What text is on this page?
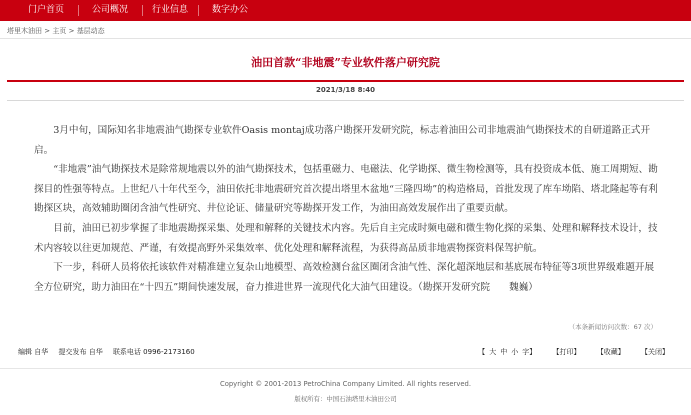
门户首页	公司概况	行业信息	数字办公
塔里木油田 > 主页 > 基层动态
油田首款“非地震”专业软件落户研究院
2021/3/18 8:40

3月中旬，国际知名非地震油气勘探专业软件Oasis montaj成功落户勘探开发研究院，标志着油田公司非地震油气勘探技术的自研道路正式开启。

“非地震”油气勘探技术是除常规地震以外的油气勘探技术，包括重磁力、电磁法、化学勘探、微生物检测等，具有投资成本低、施工周期短、勘探目的性强等特点。上世纪八十年代至今，油田依托非地震研究首次提出塔里木盆地“三隆四坳”的构造格局，首批发现了库车坳陷、塔北隆起等有利勘探区块，高效辅助圈闭含油气性研究、井位论证、储量研究等勘探开发工作，为油田高效发展作出了重要贡献。

目前，油田已初步掌握了非地震勘探采集、处理和解释的关键技术内容。先后自主完成时频电磁和微生物化探的采集、处理和解释技术设计，技术内容较以往更加规范、严谨，有效提高野外采集效率、优化处理和解释流程，为获得高品质非地震物探资料保驾护航。

下一步，科研人员将依托该软件对精准建立复杂山地模型、高效检测台盆区圈闭含油气性、深化超深地层和基底展布特征等3项世界级难题开展全方位研究，助力油田在“十四五”期间快速发展，奋力推进世界一流现代化大油气田建设。（勘探开发研究院　　魏巍）

（本条新闻访问次数：67 次）
编辑 自华 提交发布 自华 联系电话 0996-2173160	【 大 中 小 字】 【打印】 【收藏】 【关闭】
Copyright © 2001-2013 PetroChina Company Limited. All rights reserved.
版权所有：中国石油塔里木油田公司
